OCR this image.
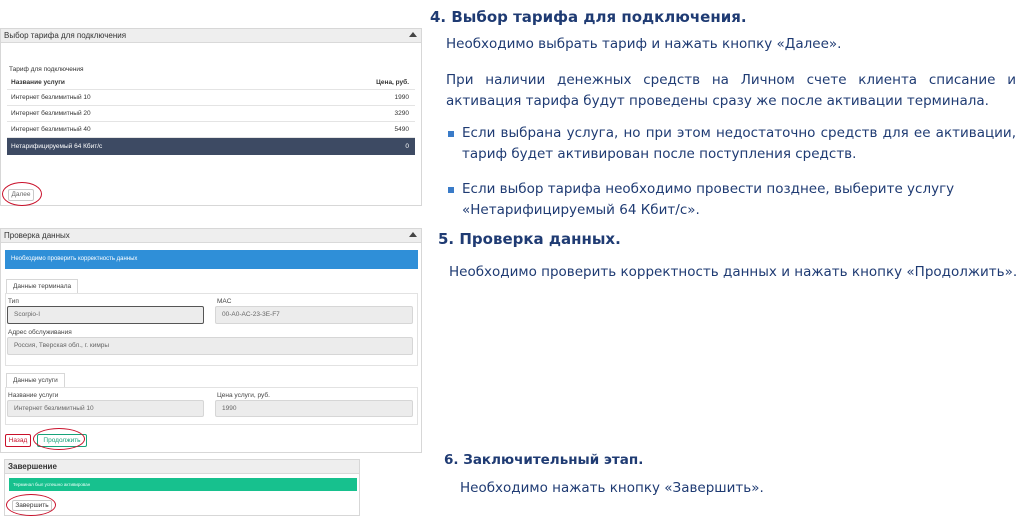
Выбор тарифа для подключения
Тариф для подключения
Название услуги	Цена, руб.
Интернет безлимитный 10	1990
Интернет безлимитный 20	3290
Интернет безлимитный 40	5490
Нетарифицируемый 64 Кбит/с	0
Далее
Проверка данных
Необходимо проверить корректность данных
Данные терминала
Тип
Scorpio-I
MAC
00-A0-AC-23-3E-F7
Адрес обслуживания
Россия, Тверская обл., г. кимры
Данные услуги
Название услуги
Интернет безлимитный 10
Цена услуги, руб.
1990
Назад	Продолжить
Завершение
Терминал был успешно активирован
Завершить
4. Выбор тарифа для подключения.
Необходимо выбрать тариф и нажать кнопку «Далее».
При наличии денежных средств на Личном счете клиента списание и активация тарифа будут проведены сразу же после активации терминала.
Если выбрана услуга, но при этом недостаточно средств для ее активации, тариф будет активирован после поступления средств.
Если выбор тарифа необходимо провести позднее, выберите услугу «Нетарифицируемый 64 Кбит/с».
5. Проверка данных.
Необходимо проверить корректность данных и нажать кнопку «Продолжить».
6. Заключительный этап.
Необходимо нажать кнопку «Завершить».
